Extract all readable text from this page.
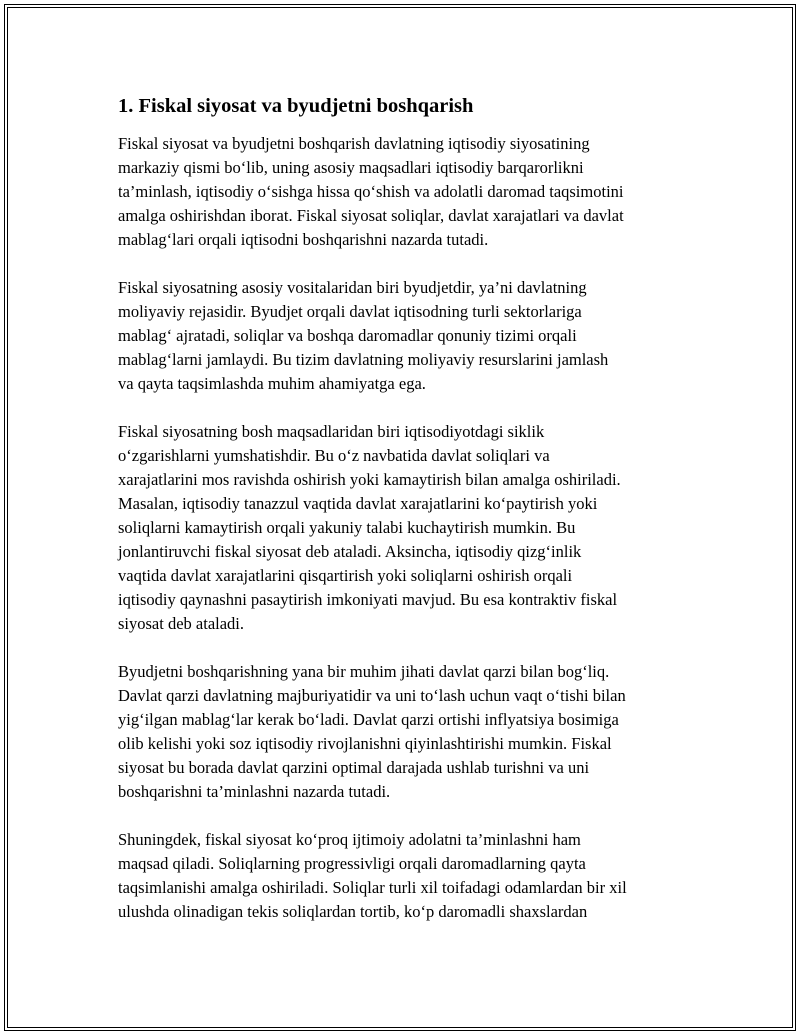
1. Fiskal siyosat va byudjetni boshqarish

Fiskal siyosat va byudjetni boshqarish davlatning iqtisodiy siyosatining
markaziy qismi bo‘lib, uning asosiy maqsadlari iqtisodiy barqarorlikni
ta’minlash, iqtisodiy o‘sishga hissa qo‘shish va adolatli daromad taqsimotini
amalga oshirishdan iborat. Fiskal siyosat soliqlar, davlat xarajatlari va davlat
mablag‘lari orqali iqtisodni boshqarishni nazarda tutadi.

Fiskal siyosatning asosiy vositalaridan biri byudjetdir, ya’ni davlatning
moliyaviy rejasidir. Byudjet orqali davlat iqtisodning turli sektorlariga
mablag‘ ajratadi, soliqlar va boshqa daromadlar qonuniy tizimi orqali
mablag‘larni jamlaydi. Bu tizim davlatning moliyaviy resurslarini jamlash
va qayta taqsimlashda muhim ahamiyatga ega.

Fiskal siyosatning bosh maqsadlaridan biri iqtisodiyotdagi siklik
o‘zgarishlarni yumshatishdir. Bu o‘z navbatida davlat soliqlari va
xarajatlarini mos ravishda oshirish yoki kamaytirish bilan amalga oshiriladi.
Masalan, iqtisodiy tanazzul vaqtida davlat xarajatlarini ko‘paytirish yoki
soliqlarni kamaytirish orqali yakuniy talabi kuchaytirish mumkin. Bu
jonlantiruvchi fiskal siyosat deb ataladi. Aksincha, iqtisodiy qizg‘inlik
vaqtida davlat xarajatlarini qisqartirish yoki soliqlarni oshirish orqali
iqtisodiy qaynashni pasaytirish imkoniyati mavjud. Bu esa kontraktiv fiskal
siyosat deb ataladi.

Byudjetni boshqarishning yana bir muhim jihati davlat qarzi bilan bog‘liq.
Davlat qarzi davlatning majburiyatidir va uni to‘lash uchun vaqt o‘tishi bilan
yig‘ilgan mablag‘lar kerak bo‘ladi. Davlat qarzi ortishi inflyatsiya bosimiga
olib kelishi yoki soz iqtisodiy rivojlanishni qiyinlashtirishi mumkin. Fiskal
siyosat bu borada davlat qarzini optimal darajada ushlab turishni va uni
boshqarishni ta’minlashni nazarda tutadi.

Shuningdek, fiskal siyosat ko‘proq ijtimoiy adolatni ta’minlashni ham
maqsad qiladi. Soliqlarning progressivligi orqali daromadlarning qayta
taqsimlanishi amalga oshiriladi. Soliqlar turli xil toifadagi odamlardan bir xil
ulushda olinadigan tekis soliqlardan tortib, ko‘p daromadli shaxslardan
